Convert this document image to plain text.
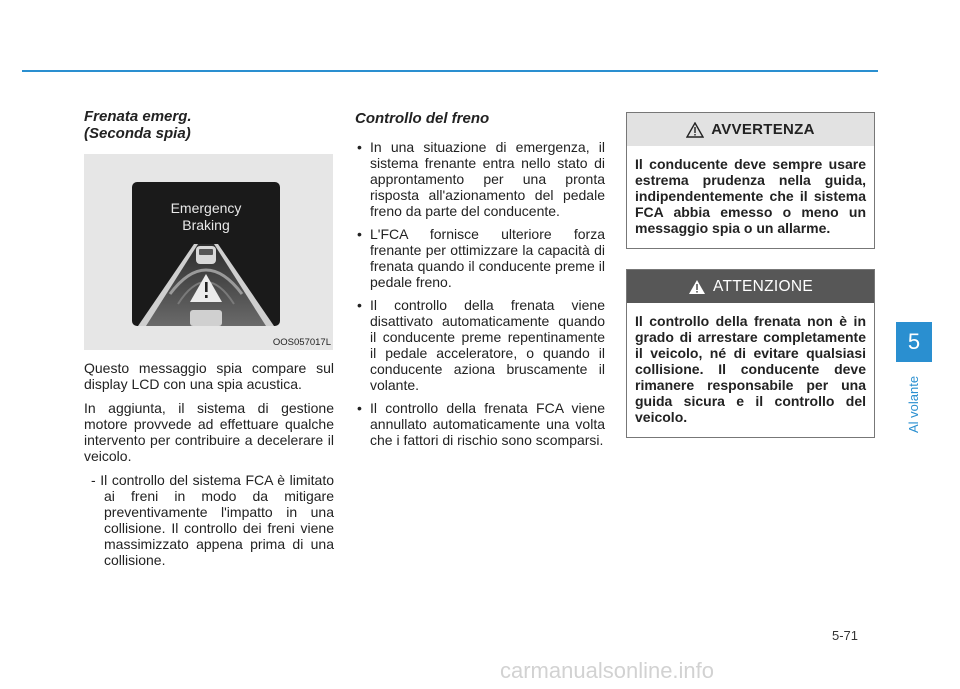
Frenata emerg.
(Seconda spia)
Emergency
Braking
OOS057017L

Questo messaggio spia compare sul display LCD con una spia acustica.

In aggiunta, il sistema di gestione motore provvede ad effettuare qualche intervento per contribuire a decelerare il veicolo.

- Il controllo del sistema FCA è limitato ai freni in modo da mitigare preventivamente l'impatto in una collisione. Il controllo dei freni viene massimizzato appena prima di una collisione.

Controllo del freno
• In una situazione di emergenza, il sistema frenante entra nello stato di approntamento per una pronta risposta all'azionamento del pedale freno da parte del conducente.
• L'FCA fornisce ulteriore forza frenante per ottimizzare la capacità di frenata quando il conducente preme il pedale freno.
• Il controllo della frenata viene disattivato automaticamente quando il conducente preme repentinamente il pedale acceleratore, o quando il conducente aziona bruscamente il volante.
• Il controllo della frenata FCA viene annullato automaticamente una volta che i fattori di rischio sono scomparsi.
AVVERTENZA
Il conducente deve sempre usare estrema prudenza nella guida, indipendentemente che il sistema FCA abbia emesso o meno un messaggio spia o un allarme.
ATTENZIONE
Il controllo della frenata non è in grado di arrestare completamente il veicolo, né di evitare qualsiasi collisione. Il conducente deve rimanere responsabile per una guida sicura e il controllo del veicolo.
5
Al volante
5-71
carmanualsonline.info
